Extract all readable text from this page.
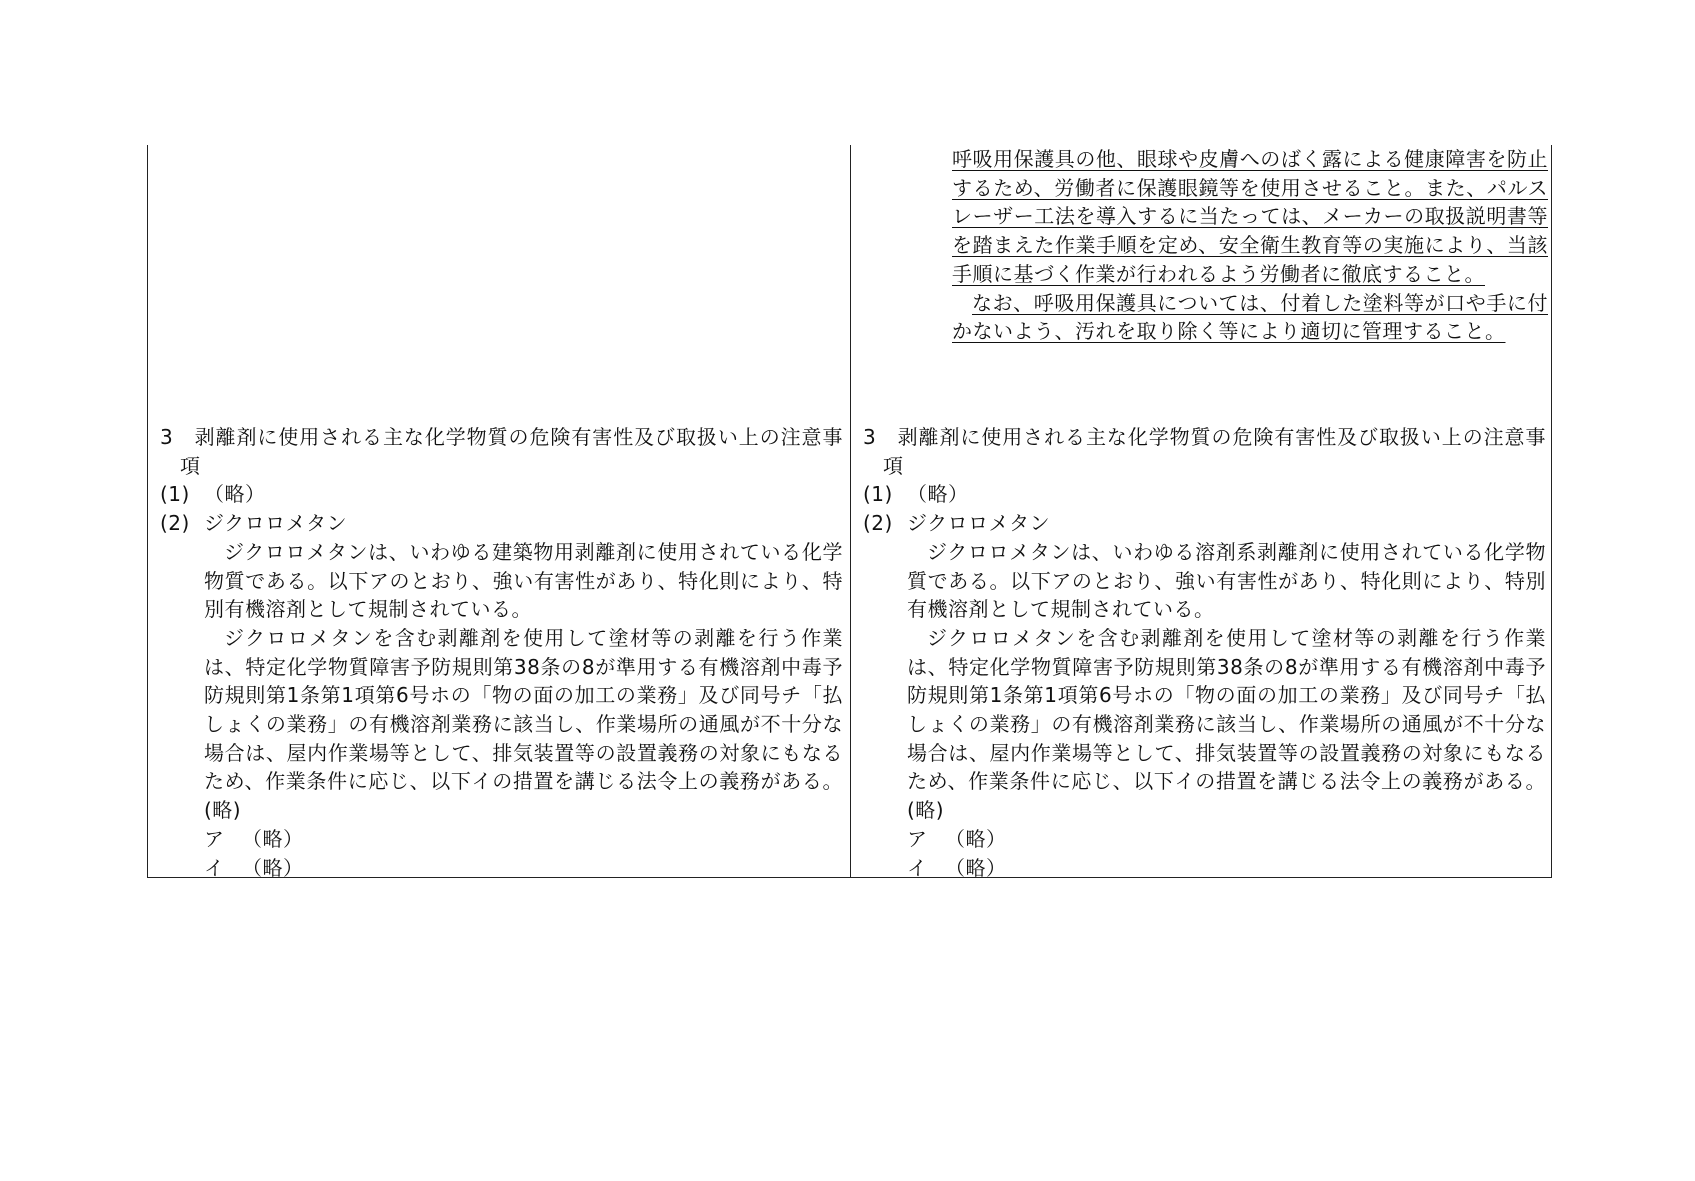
3　剥離剤に使用される主な化学物質の危険有害性及び取扱い上の注意事項

(1) （略）
(2) ジクロロメタン

ジクロロメタンは、いわゆる建築物用剥離剤に使用されている化学物質である。以下アのとおり、強い有害性があり、特化則により、特別有機溶剤として規制されている。

ジクロロメタンを含む剥離剤を使用して塗材等の剥離を行う作業は、特定化学物質障害予防規則第38条の8が準用する有機溶剤中毒予防規則第1条第1項第6号ホの「物の面の加工の業務」及び同号チ「払しょくの業務」の有機溶剤業務に該当し、作業場所の通風が不十分な場合は、屋内作業場等として、排気装置等の設置義務の対象にもなるため、作業条件に応じ、以下イの措置を講じる法令上の義務がある。(略)

ア （略）
イ （略）

呼吸用保護具の他、眼球や皮膚へのばく露による健康障害を防止するため、労働者に保護眼鏡等を使用させること。また、パルスレーザー工法を導入するに当たっては、メーカーの取扱説明書等を踏まえた作業手順を定め、安全衛生教育等の実施により、当該手順に基づく作業が行われるよう労働者に徹底すること。

なお、呼吸用保護具については、付着した塗料等が口や手に付かないよう、汚れを取り除く等により適切に管理すること。

3　剥離剤に使用される主な化学物質の危険有害性及び取扱い上の注意事項

(1) （略）
(2) ジクロロメタン

ジクロロメタンは、いわゆる溶剤系剥離剤に使用されている化学物質である。以下アのとおり、強い有害性があり、特化則により、特別有機溶剤として規制されている。

ジクロロメタンを含む剥離剤を使用して塗材等の剥離を行う作業は、特定化学物質障害予防規則第38条の8が準用する有機溶剤中毒予防規則第1条第1項第6号ホの「物の面の加工の業務」及び同号チ「払しょくの業務」の有機溶剤業務に該当し、作業場所の通風が不十分な場合は、屋内作業場等として、排気装置等の設置義務の対象にもなるため、作業条件に応じ、以下イの措置を講じる法令上の義務がある。(略)

ア （略）
イ （略）
